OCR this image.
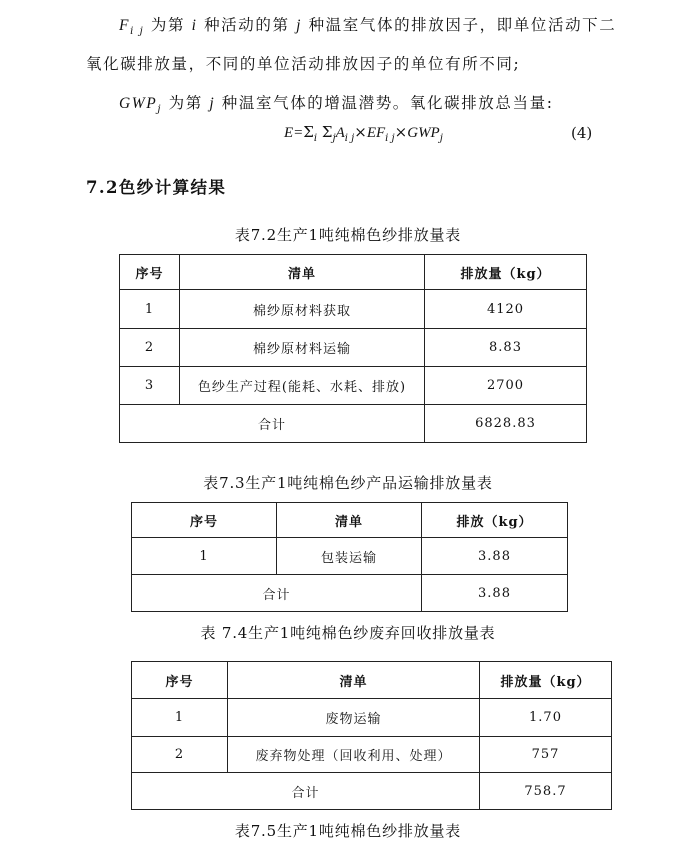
$F_{i j}$ 为第 i 种活动的第 j 种温室气体的排放因子，即单位活动下二
氧化碳排放量，不同的单位活动排放因子的单位有所不同;
$GWP_j$ 为第 j 种温室气体的增温潜势。氧化碳排放总当量:
$E=\Sigma_i$ $\Sigma_jA_{i j}\times EF_{i j}\times GWP_j$	(4)
7.2色纱计算结果
表7.2生产1吨纯棉色纱排放量表
序号	清单	排放量（kg）
1	棉纱原材料获取	4120
2	棉纱原材料运输	8.83
3	色纱生产过程(能耗、水耗、排放)	2700
合计		6828.83
表7.3生产1吨纯棉色纱产品运输排放量表
序号	清单	排放（kg）
1	包装运输	3.88
合计		3.88
表 7.4生产1吨纯棉色纱废弃回收排放量表
序号	清单	排放量（kg）
1	废物运输	1.70
2	废弃物处理（回收利用、处理）	757
合计		758.7
表7.5生产1吨纯棉色纱排放量表
